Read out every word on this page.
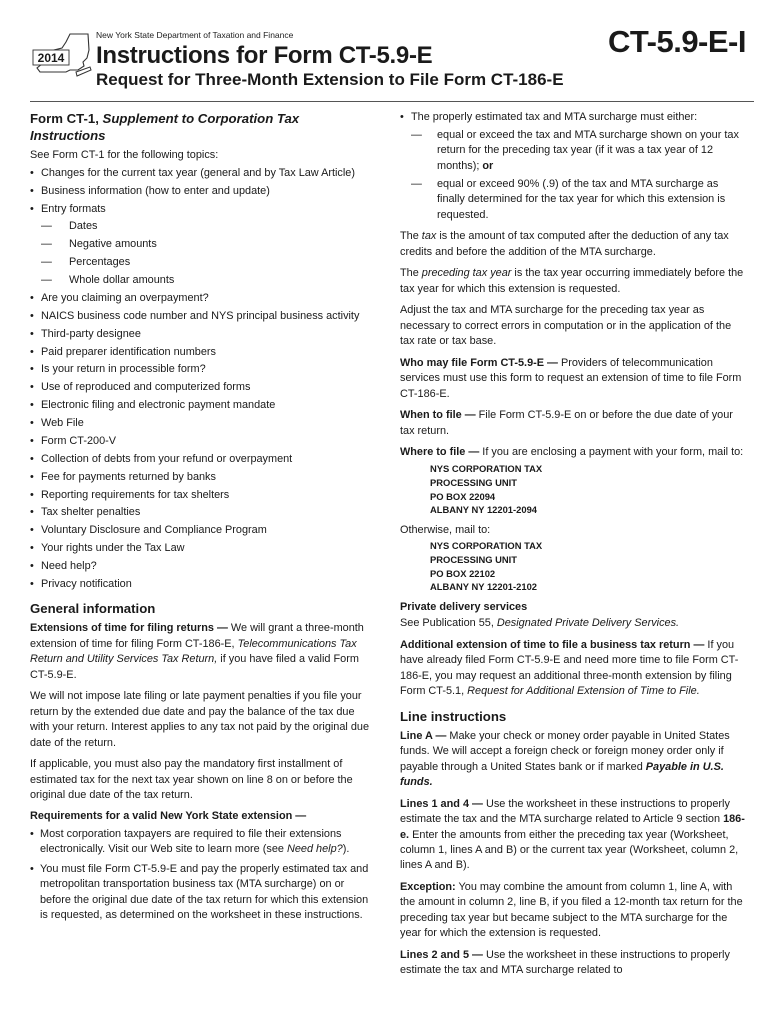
2014
New York State Department of Taxation and Finance	CT-5.9-E-I
Instructions for Form CT-5.9-E
Request for Three-Month Extension to File Form CT-186-E
Form CT-1, Supplement to Corporation Tax Instructions

See Form CT-1 for the following topics:

• Changes for the current tax year (general and by Tax Law Article)
• Business information (how to enter and update)
• Entry formats
— Dates
— Negative amounts
— Percentages
— Whole dollar amounts
• Are you claiming an overpayment?
• NAICS business code number and NYS principal business activity
• Third-party designee
• Paid preparer identification numbers
• Is your return in processible form?
• Use of reproduced and computerized forms
• Electronic filing and electronic payment mandate
• Web File
• Form CT-200-V
• Collection of debts from your refund or overpayment
• Fee for payments returned by banks
• Reporting requirements for tax shelters
• Tax shelter penalties
• Voluntary Disclosure and Compliance Program
• Your rights under the Tax Law
• Need help?
• Privacy notification
General information

Extensions of time for filing returns — We will grant a three-month extension of time for filing Form CT-186-E, Telecommunications Tax Return and Utility Services Tax Return, if you have filed a valid Form CT-5.9-E.

We will not impose late filing or late payment penalties if you file your return by the extended due date and pay the balance of the tax due with your return. Interest applies to any tax not paid by the original due date of the return.

If applicable, you must also pay the mandatory first installment of estimated tax for the next tax year shown on line 8 on or before the original due date of the tax return.

Requirements for a valid New York State extension —

• Most corporation taxpayers are required to file their extensions electronically. Visit our Web site to learn more (see Need help?).
• You must file Form CT-5.9-E and pay the properly estimated tax and metropolitan transportation business tax (MTA surcharge) on or before the original due date of the tax return for which this extension is requested, as determined on the worksheet in these instructions.
• The properly estimated tax and MTA surcharge must either:
— equal or exceed the tax and MTA surcharge shown on your tax return for the preceding tax year (if it was a tax year of 12 months); or
— equal or exceed 90% (.9) of the tax and MTA surcharge as finally determined for the tax year for which this extension is requested.

The tax is the amount of tax computed after the deduction of any tax credits and before the addition of the MTA surcharge.

The preceding tax year is the tax year occurring immediately before the tax year for which this extension is requested.

Adjust the tax and MTA surcharge for the preceding tax year as necessary to correct errors in computation or in the application of the tax rate or tax base.

Who may file Form CT-5.9-E — Providers of telecommunication services must use this form to request an extension of time to file Form CT-186-E.

When to file — File Form CT-5.9-E on or before the due date of your tax return.

Where to file — If you are enclosing a payment with your form, mail to:

NYS CORPORATION TAX
PROCESSING UNIT
PO BOX 22094
ALBANY NY 12201-2094

Otherwise, mail to:

NYS CORPORATION TAX
PROCESSING UNIT
PO BOX 22102
ALBANY NY 12201-2102

Private delivery services

See Publication 55, Designated Private Delivery Services.

Additional extension of time to file a business tax return — If you have already filed Form CT-5.9-E and need more time to file Form CT-186-E, you may request an additional three-month extension by filing Form CT-5.1, Request for Additional Extension of Time to File.

Line instructions

Line A — Make your check or money order payable in United States funds. We will accept a foreign check or foreign money order only if payable through a United States bank or if marked Payable in U.S. funds.

Lines 1 and 4 — Use the worksheet in these instructions to properly estimate the tax and the MTA surcharge related to Article 9 section 186-e. Enter the amounts from either the preceding tax year (Worksheet, column 1, lines A and B) or the current tax year (Worksheet, column 2, lines A and B).

Exception: You may combine the amount from column 1, line A, with the amount in column 2, line B, if you filed a 12-month tax return for the preceding tax year but became subject to the MTA surcharge for the year for which the extension is requested.

Lines 2 and 5 — Use the worksheet in these instructions to properly estimate the tax and MTA surcharge related to
